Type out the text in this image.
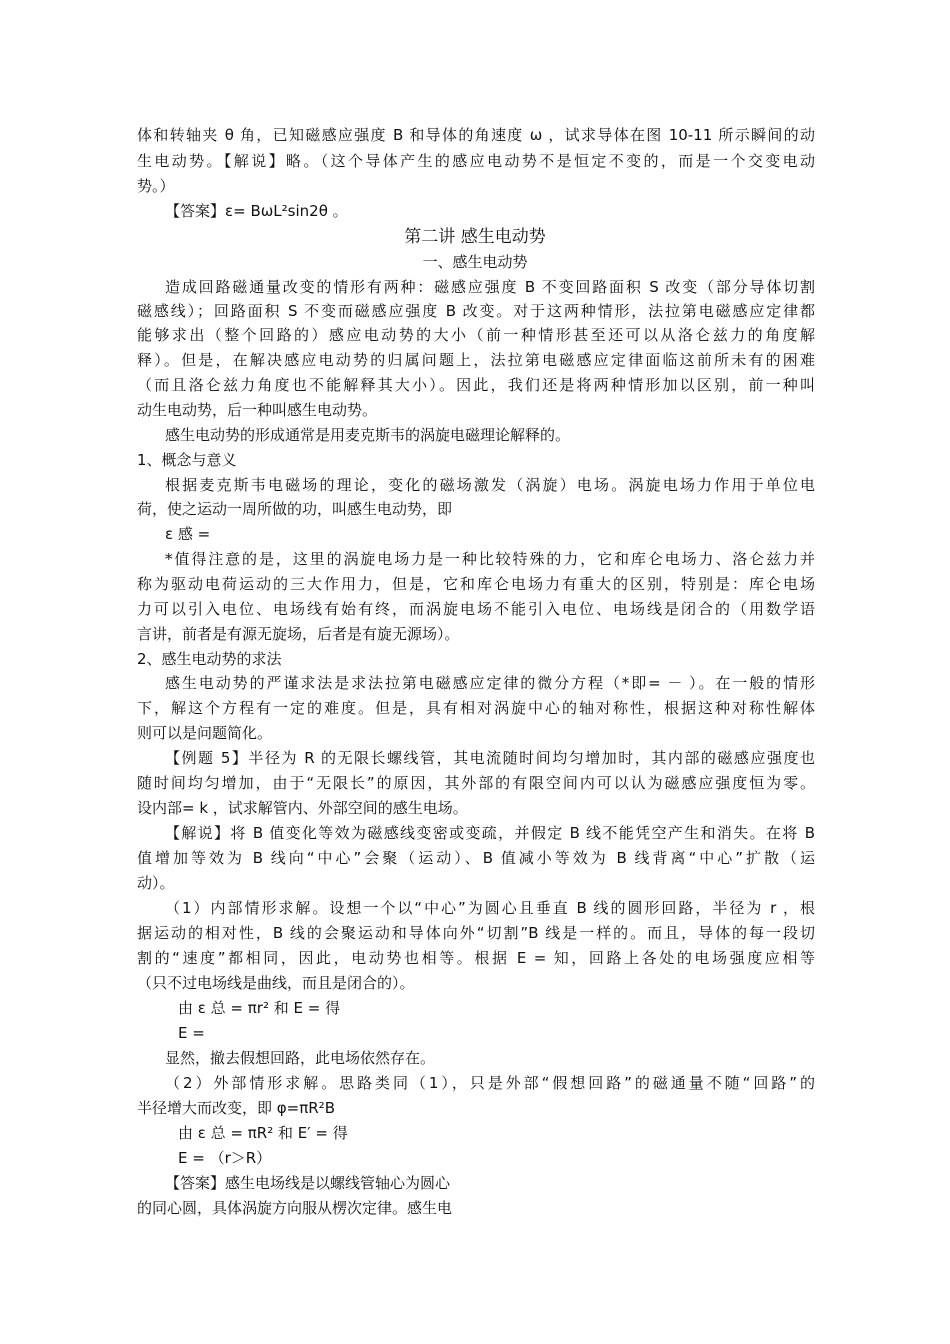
体和转轴夹 θ 角，已知磁感应强度 B 和导体的角速度 ω ，试求导体在图 10-11 所示瞬间的动
生电动势。【解说】略。（这个导体产生的感应电动势不是恒定不变的，而是一个交变电动
势。）
【答案】ε= BωL²sin2θ 。
第二讲 感生电动势
一、感生电动势
造成回路磁通量改变的情形有两种：磁感应强度 B 不变回路面积 S 改变（部分导体切割
磁感线）；回路面积 S 不变而磁感应强度 B 改变。对于这两种情形，法拉第电磁感应定律都
能够求出（整个回路的）感应电动势的大小（前一种情形甚至还可以从洛仑兹力的角度解
释）。但是，在解决感应电动势的归属问题上，法拉第电磁感应定律面临这前所未有的困难
（而且洛仑兹力角度也不能解释其大小）。因此，我们还是将两种情形加以区别，前一种叫
动生电动势，后一种叫感生电动势。
感生电动势的形成通常是用麦克斯韦的涡旋电磁理论解释的。
1、概念与意义
根据麦克斯韦电磁场的理论，变化的磁场激发（涡旋）电场。涡旋电场力作用于单位电
荷，使之运动一周所做的功，叫感生电动势，即
ε 感 =
*值得注意的是，这里的涡旋电场力是一种比较特殊的力，它和库仑电场力、洛仑兹力并
称为驱动电荷运动的三大作用力，但是，它和库仑电场力有重大的区别，特别是：库仑电场
力可以引入电位、电场线有始有终，而涡旋电场不能引入电位、电场线是闭合的（用数学语
言讲，前者是有源无旋场，后者是有旋无源场）。
2、感生电动势的求法
感生电动势的严谨求法是求法拉第电磁感应定律的微分方程（*即= － ）。在一般的情形
下，解这个方程有一定的难度。但是，具有相对涡旋中心的轴对称性，根据这种对称性解体
则可以是问题简化。
【例题 5】半径为 R 的无限长螺线管，其电流随时间均匀增加时，其内部的磁感应强度也
随时间均匀增加，由于“无限长”的原因，其外部的有限空间内可以认为磁感应强度恒为零。
设内部= k ，试求解管内、外部空间的感生电场。
【解说】将 B 值变化等效为磁感线变密或变疏，并假定 B 线不能凭空产生和消失。在将 B
值增加等效为 B 线向“中心”会聚（运动）、B 值减小等效为 B 线背离“中心”扩散（运
动）。
（1）内部情形求解。设想一个以“中心”为圆心且垂直 B 线的圆形回路，半径为 r ，根
据运动的相对性，B 线的会聚运动和导体向外“切割”B 线是一样的。而且，导体的每一段切
割的“速度”都相同，因此，电动势也相等。根据 E = 知，回路上各处的电场强度应相等
（只不过电场线是曲线，而且是闭合的）。
由 ε 总 = πr² 和 E = 得
E =
显然，撤去假想回路，此电场依然存在。
（2）外部情形求解。思路类同（1），只是外部“假想回路”的磁通量不随“回路”的
半径增大而改变，即 φ=πR²B
由 ε 总 = πR² 和 E′ = 得
E = （r＞R）
【答案】感生电场线是以螺线管轴心为圆心
的同心圆，具体涡旋方向服从楞次定律。感生电
